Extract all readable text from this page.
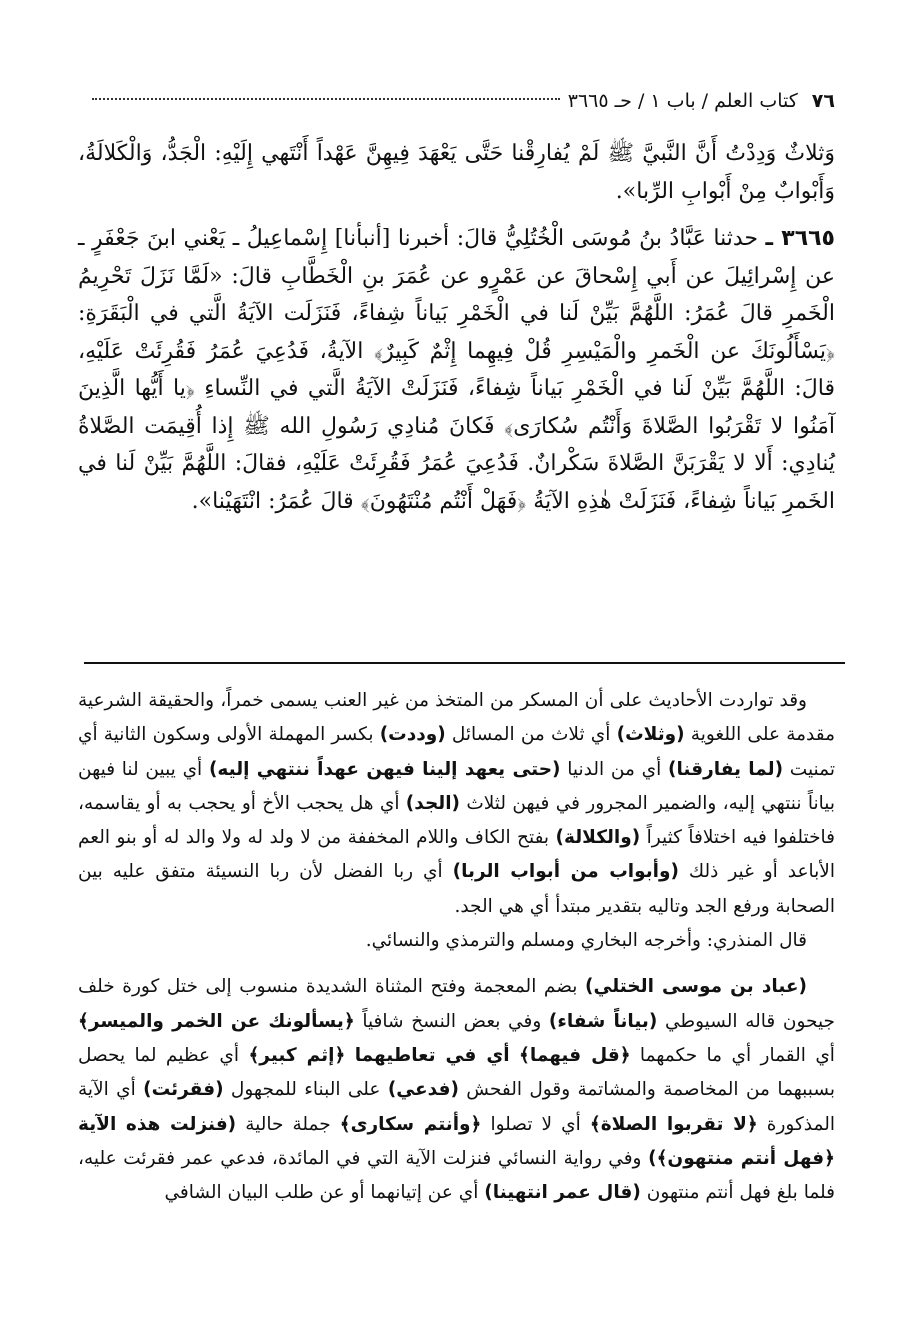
٧٦
كتاب العلم / باب ١ / حـ ٣٦٦٥

وَثلاثٌ وَدِدْتُ أَنَّ النَّبيَّ ﷺ لَمْ يُفارِقْنا حَتَّى يَعْهَدَ فِيهِنَّ عَهْداً أَنْتَهي إِلَيْهِ: الْجَدُّ، وَالْكَلالَةُ، وَأَبْوابٌ مِنْ أَبْوابِ الرِّبا».

٣٦٦٥ ـ حدثنا عَبَّادُ بنُ مُوسَى الْخُتُلِيُّ قالَ: أخبرنا [أنبأنا] إِسْماعِيلُ ـ يَعْني ابنَ جَعْفَرٍ ـ عن إِسْرائِيلَ عن أَبي إِسْحاقَ عن عَمْرٍو عن عُمَرَ بنِ الْخَطَّابِ قالَ: «لَمَّا نَزَلَ تَحْرِيمُ الْخَمرِ قالَ عُمَرُ: اللَّهُمَّ بَيِّنْ لَنا في الْخَمْرِ بَياناً شِفاءً، فَنَزَلَت الآيَةُ الَّتي في الْبَقَرَةِ: ﴿يَسْأَلُونَكَ عن الْخَمرِ والْمَيْسِرِ قُلْ فِيهِما إِثْمٌ كَبِيرٌ﴾ الآيةُ، فَدُعِيَ عُمَرُ فَقُرِئَتْ عَلَيْهِ، قالَ: اللَّهُمَّ بَيِّنْ لَنا في الْخَمْرِ بَياناً شِفاءً، فَنَزَلَتْ الآيَةُ الَّتي في النِّساءِ ﴿يا أَيُّها الَّذِينَ آمَنُوا لا تَقْرَبُوا الصَّلاةَ وَأَنْتُم سُكارَى﴾ فَكانَ مُنادِي رَسُولِ الله ﷺ إِذا أُقِيمَت الصَّلاةُ يُنادِي: أَلا لا يَقْرَبَنَّ الصَّلاةَ سَكْرانٌ. فَدُعِيَ عُمَرُ فَقُرِئَتْ عَلَيْهِ، فقالَ: اللَّهُمَّ بَيِّنْ لَنا في الخَمرِ بَياناً شِفاءً، فَنَزَلَتْ هٰذِهِ الآيَةُ ﴿فَهَلْ أَنْتُم مُنْتَهُونَ﴾ قالَ عُمَرُ: انْتَهَيْنا».

وقد تواردت الأحاديث على أن المسكر من المتخذ من غير العنب يسمى خمراً، والحقيقة الشرعية مقدمة على اللغوية (وثلاث) أي ثلاث من المسائل (وددت) بكسر المهملة الأولى وسكون الثانية أي تمنيت (لما يفارقنا) أي من الدنيا (حتى يعهد إلينا فيهن عهداً ننتهي إليه) أي يبين لنا فيهن بياناً ننتهي إليه، والضمير المجرور في فيهن لثلاث (الجد) أي هل يحجب الأخ أو يحجب به أو يقاسمه، فاختلفوا فيه اختلافاً كثيراً (والكلالة) بفتح الكاف واللام المخففة من لا ولد له ولا والد له أو بنو العم الأباعد أو غير ذلك (وأبواب من أبواب الربا) أي ربا الفضل لأن ربا النسيئة متفق عليه بين الصحابة ورفع الجد وتاليه بتقدير مبتدأ أي هي الجد.

قال المنذري: وأخرجه البخاري ومسلم والترمذي والنسائي.

(عباد بن موسى الختلي) بضم المعجمة وفتح المثناة الشديدة منسوب إلى ختل كورة خلف جيحون قاله السيوطي (بياناً شفاء) وفي بعض النسخ شافياً ﴿يسألونك عن الخمر والميسر﴾ أي القمار أي ما حكمهما ﴿قل فيهما﴾ أي في تعاطيهما ﴿إثم كبير﴾ أي عظيم لما يحصل بسببهما من المخاصمة والمشاتمة وقول الفحش (فدعي) على البناء للمجهول (فقرئت) أي الآية المذكورة ﴿لا تقربوا الصلاة﴾ أي لا تصلوا ﴿وأنتم سكارى﴾ جملة حالية (فنزلت هذه الآية ﴿فهل أنتم منتهون﴾) وفي رواية النسائي فنزلت الآية التي في المائدة، فدعي عمر فقرئت عليه، فلما بلغ فهل أنتم منتهون (قال عمر انتهينا) أي عن إتيانهما أو عن طلب البيان الشافي
